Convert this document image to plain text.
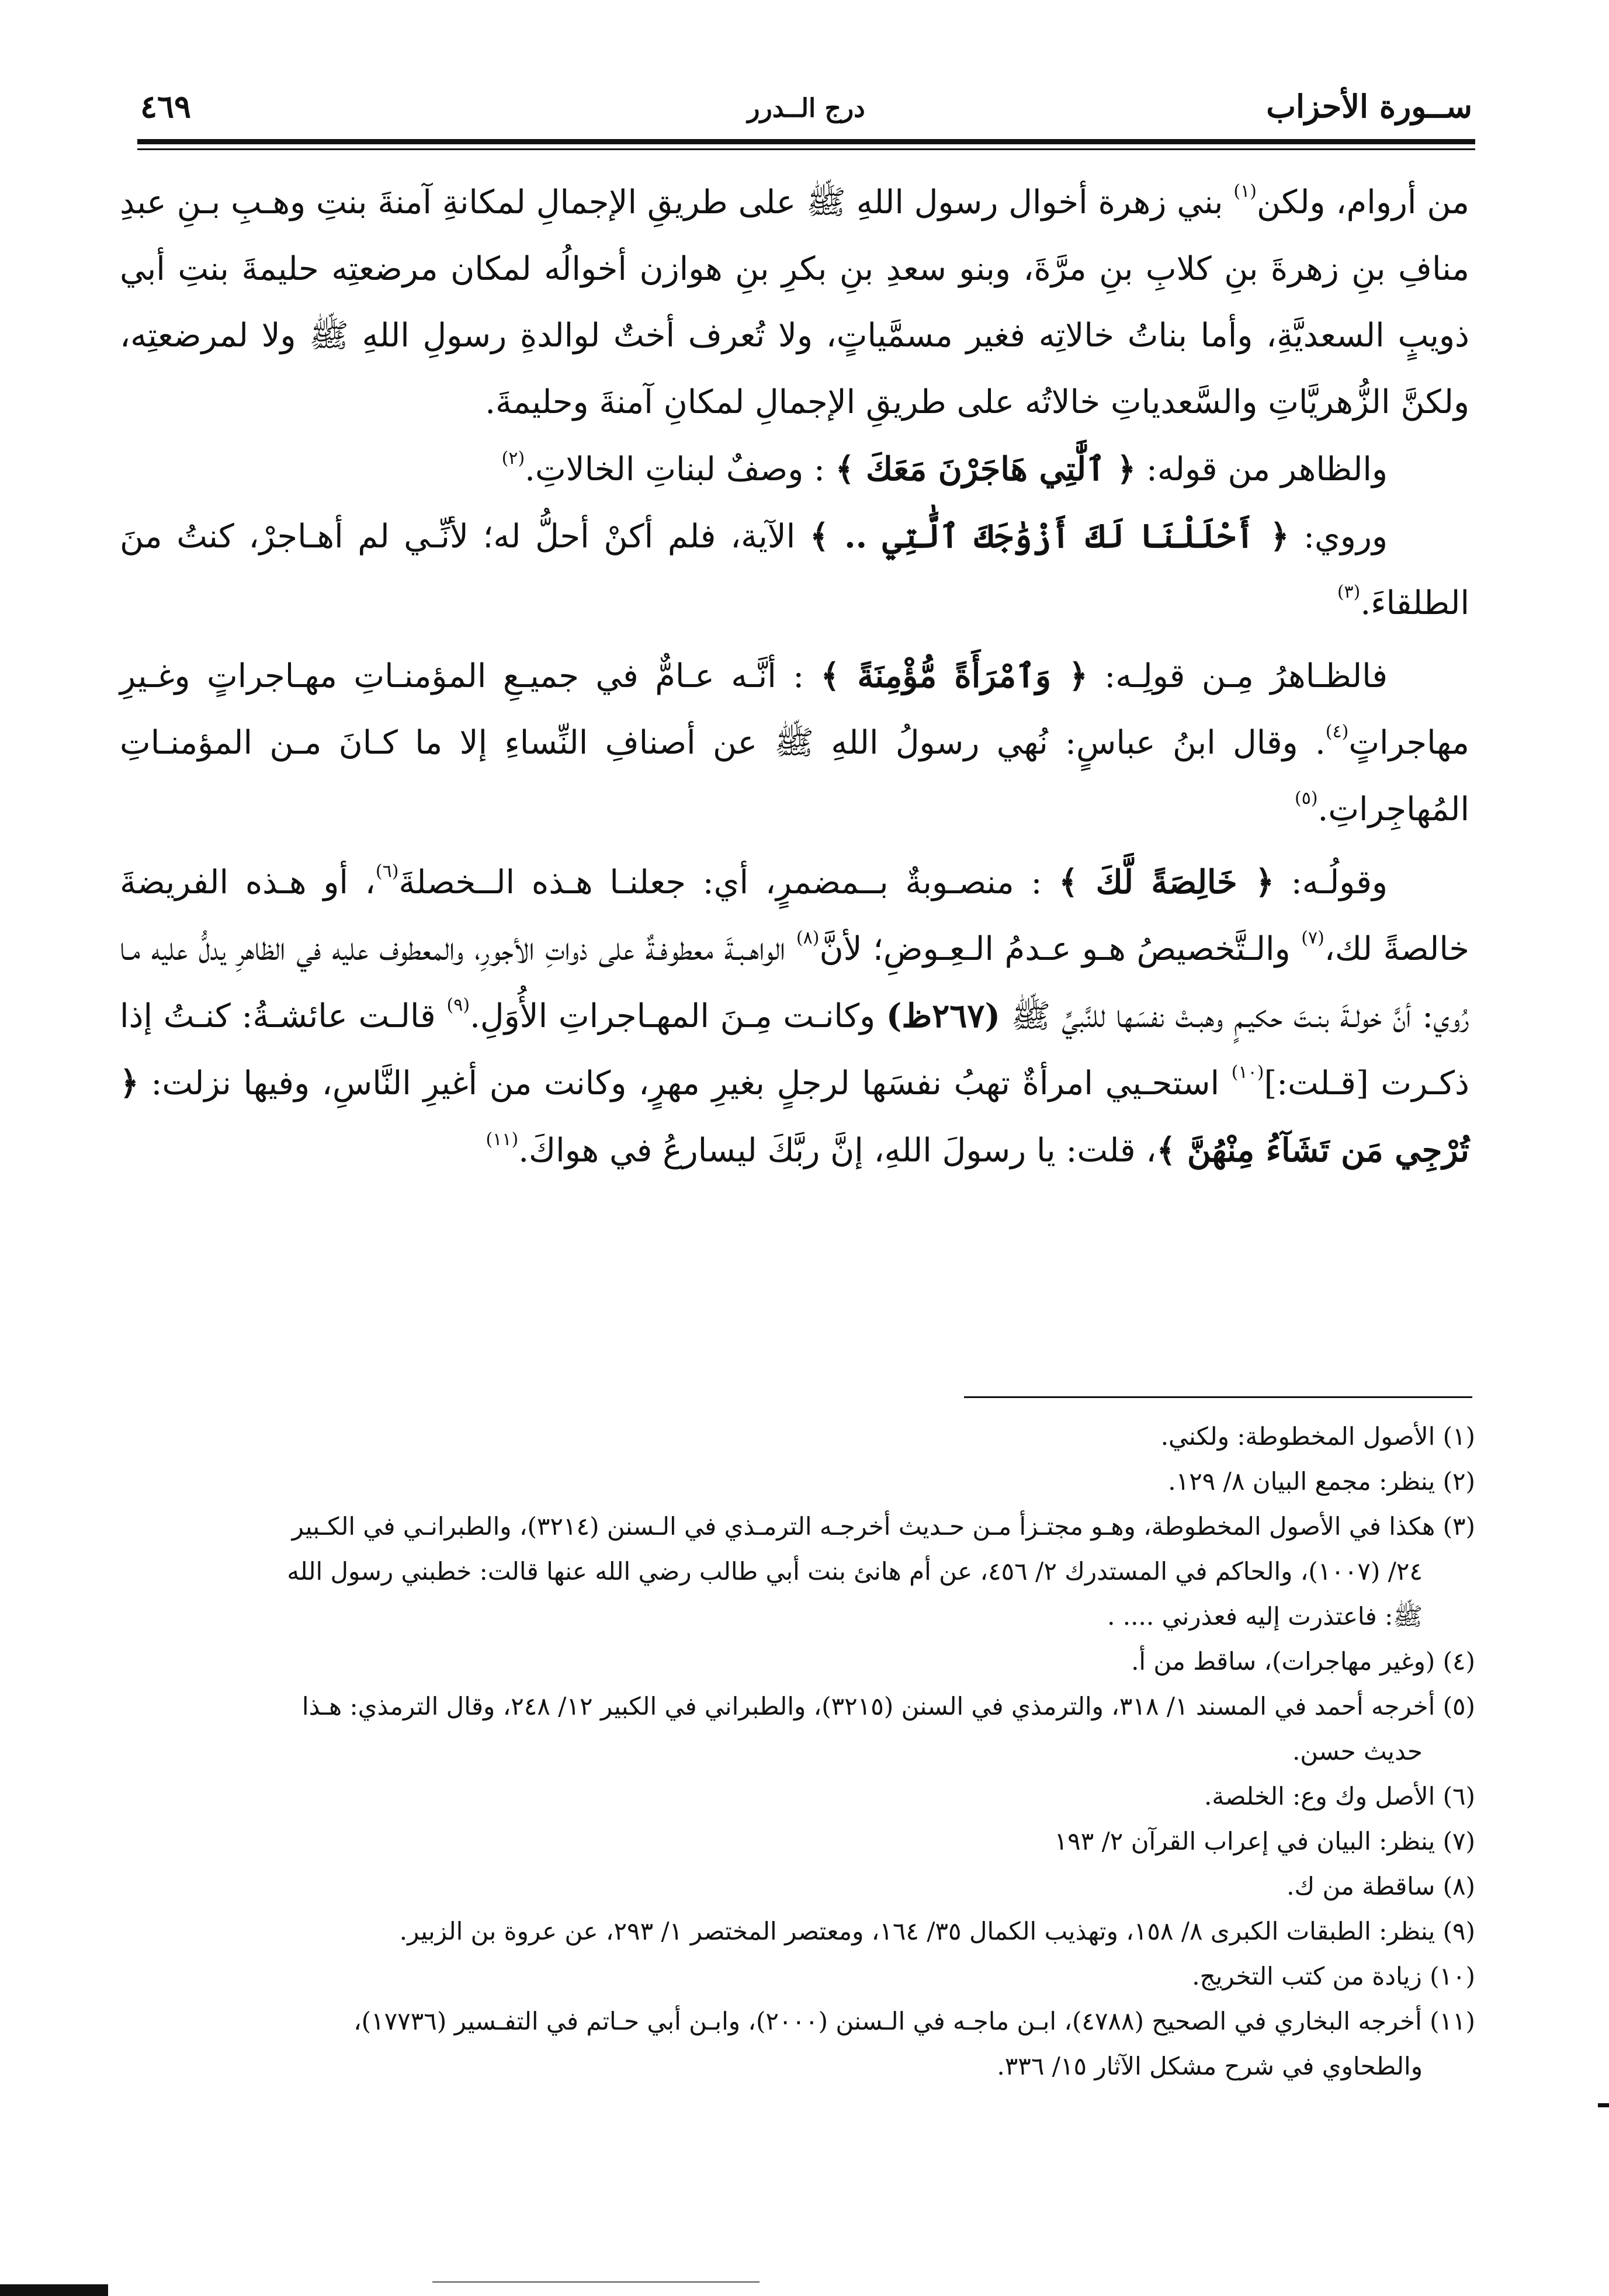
ســورة الأحزاب
درج الــدرر
٤٦٩

من أروام، ولكن$^{(١)}$ بني زهرة أخوال رسول اللهِ ﷺ على طريقِ الإجمالِ لمكانةِ آمنةَ بنتِ وهـبِ بـنِ عبدِ منافِ بنِ زهرةَ بنِ كلابِ بنِ مرَّةَ، وبنو سعدِ بنِ بكرِ بنِ هوازن أخوالُه لمكان مرضعتِه حليمةَ بنتِ أبي ذويبٍ السعديَّةِ، وأما بناتُ خالاتِه فغير مسمَّياتٍ، ولا تُعرف أختٌ لوالدةِ رسولِ اللهِ ﷺ ولا لمرضعتِه، ولكنَّ الزُّهريَّاتِ والسَّعدياتِ خالاتُه على طريقِ الإجمالِ لمكانِ آمنةَ وحليمةَ.

والظاهر من قوله: ﴿ ٱلَّٰتِي هَاجَرْنَ مَعَكَ ﴾ : وصفٌ لبناتِ الخالاتِ.$^{(٢)}$

وروي: ﴿ أَحْلَلْنَا لَكَ أَزْوَٰجَكَ ٱلَّٰتِي .. ﴾ الآية، فلم أكنْ أحلُّ له؛ لأنِّـي لم أهـاجرْ، كنتُ منَ الطلقاءَ.$^{(٣)}$

فالظـاهرُ مِـن قولِـه: ﴿ وَٱمْرَأَةً مُّؤْمِنَةً ﴾ : أنَّـه عـامٌّ في جميـعِ المؤمنـاتِ مهـاجراتٍ وغـيرِ مهاجراتٍ$^{(٤)}$. وقال ابنُ عباسٍ: نُهي رسولُ اللهِ ﷺ عن أصنافِ النِّساءِ إلا ما كـانَ مـن المؤمنـاتِ المُهاجِراتِ.$^{(٥)}$

وقولُـه: ﴿ خَالِصَةً لَّكَ ﴾ : منصـوبةٌ بــمضمرٍ، أي: جعلنـا هـذه الــخصلةَ$^{(٦)}$، أو هـذه الفريضةَ خالصةً لك،$^{(٧)}$ والـتَّخصيصُ هـو عـدمُ الـعِـوضِ؛ لأنَّ$^{(٨)}$ الواهـبـةَ معطوفـةٌ على ذواتِ الأجورِ، والمعطوف عليه في الظاهرِ يدلُّ عليه مـا رُوي: أنَّ خولـةَ بنـتَ حكيـمٍ وهبـتْ نفسَها للنَّبيِّ ﷺ (٢٦٧ظ) وكانـت مِـنَ المهـاجراتِ الأُوَلِ.$^{(٩)}$ قالـت عائشـةُ: كنـتُ إذا ذكـرت [قـلت:]$^{(١٠)}$ استحـيي امرأةٌ تهبُ نفسَها لرجلٍ بغيرِ مهرٍ، وكانت من أغيرِ النَّاسِ، وفيها نزلت: ﴿ تُرْجِي مَن تَشَآءُ مِنْهُنَّ ﴾، قلت: يا رسولَ اللهِ، إنَّ ربَّكَ ليسارعُ في هواكَ.$^{(١١)}$

(١) الأصول المخطوطة: ولكني.

(٢) ينظر: مجمع البيان ٨/ ١٢٩.

(٣) هكذا في الأصول المخطوطة، وهـو مجتـزأ مـن حـديث أخرجـه الترمـذي في الـسنن (٣٢١٤)، والطبرانـي في الكـبير

٢٤/ (١٠٠٧)، والحاكم في المستدرك ٢/ ٤٥٦، عن أم هانئ بنت أبي طالب رضي الله عنها قالت: خطبني رسول الله

ﷺ: فاعتذرت إليه فعذرني .... .

(٤) (وغير مهاجرات)، ساقط من أ.

(٥) أخرجه أحمد في المسند ١/ ٣١٨، والترمذي في السنن (٣٢١٥)، والطبراني في الكبير ١٢/ ٢٤٨، وقال الترمذي: هـذا

حديث حسن.

(٦) الأصل وك وع: الخلصة.

(٧) ينظر: البيان في إعراب القرآن ٢/ ١٩٣

(٨) ساقطة من ك.

(٩) ينظر: الطبقات الكبرى ٨/ ١٥٨، وتهذيب الكمال ٣٥/ ١٦٤، ومعتصر المختصر ١/ ٢٩٣، عن عروة بن الزبير.

(١٠) زيادة من كتب التخريج.

(١١) أخرجه البخاري في الصحيح (٤٧٨٨)، ابـن ماجـه في الـسنن (٢٠٠٠)، وابـن أبي حـاتم في التفـسير (١٧٧٣٦)،

والطحاوي في شرح مشكل الآثار ١٥/ ٣٣٦.
